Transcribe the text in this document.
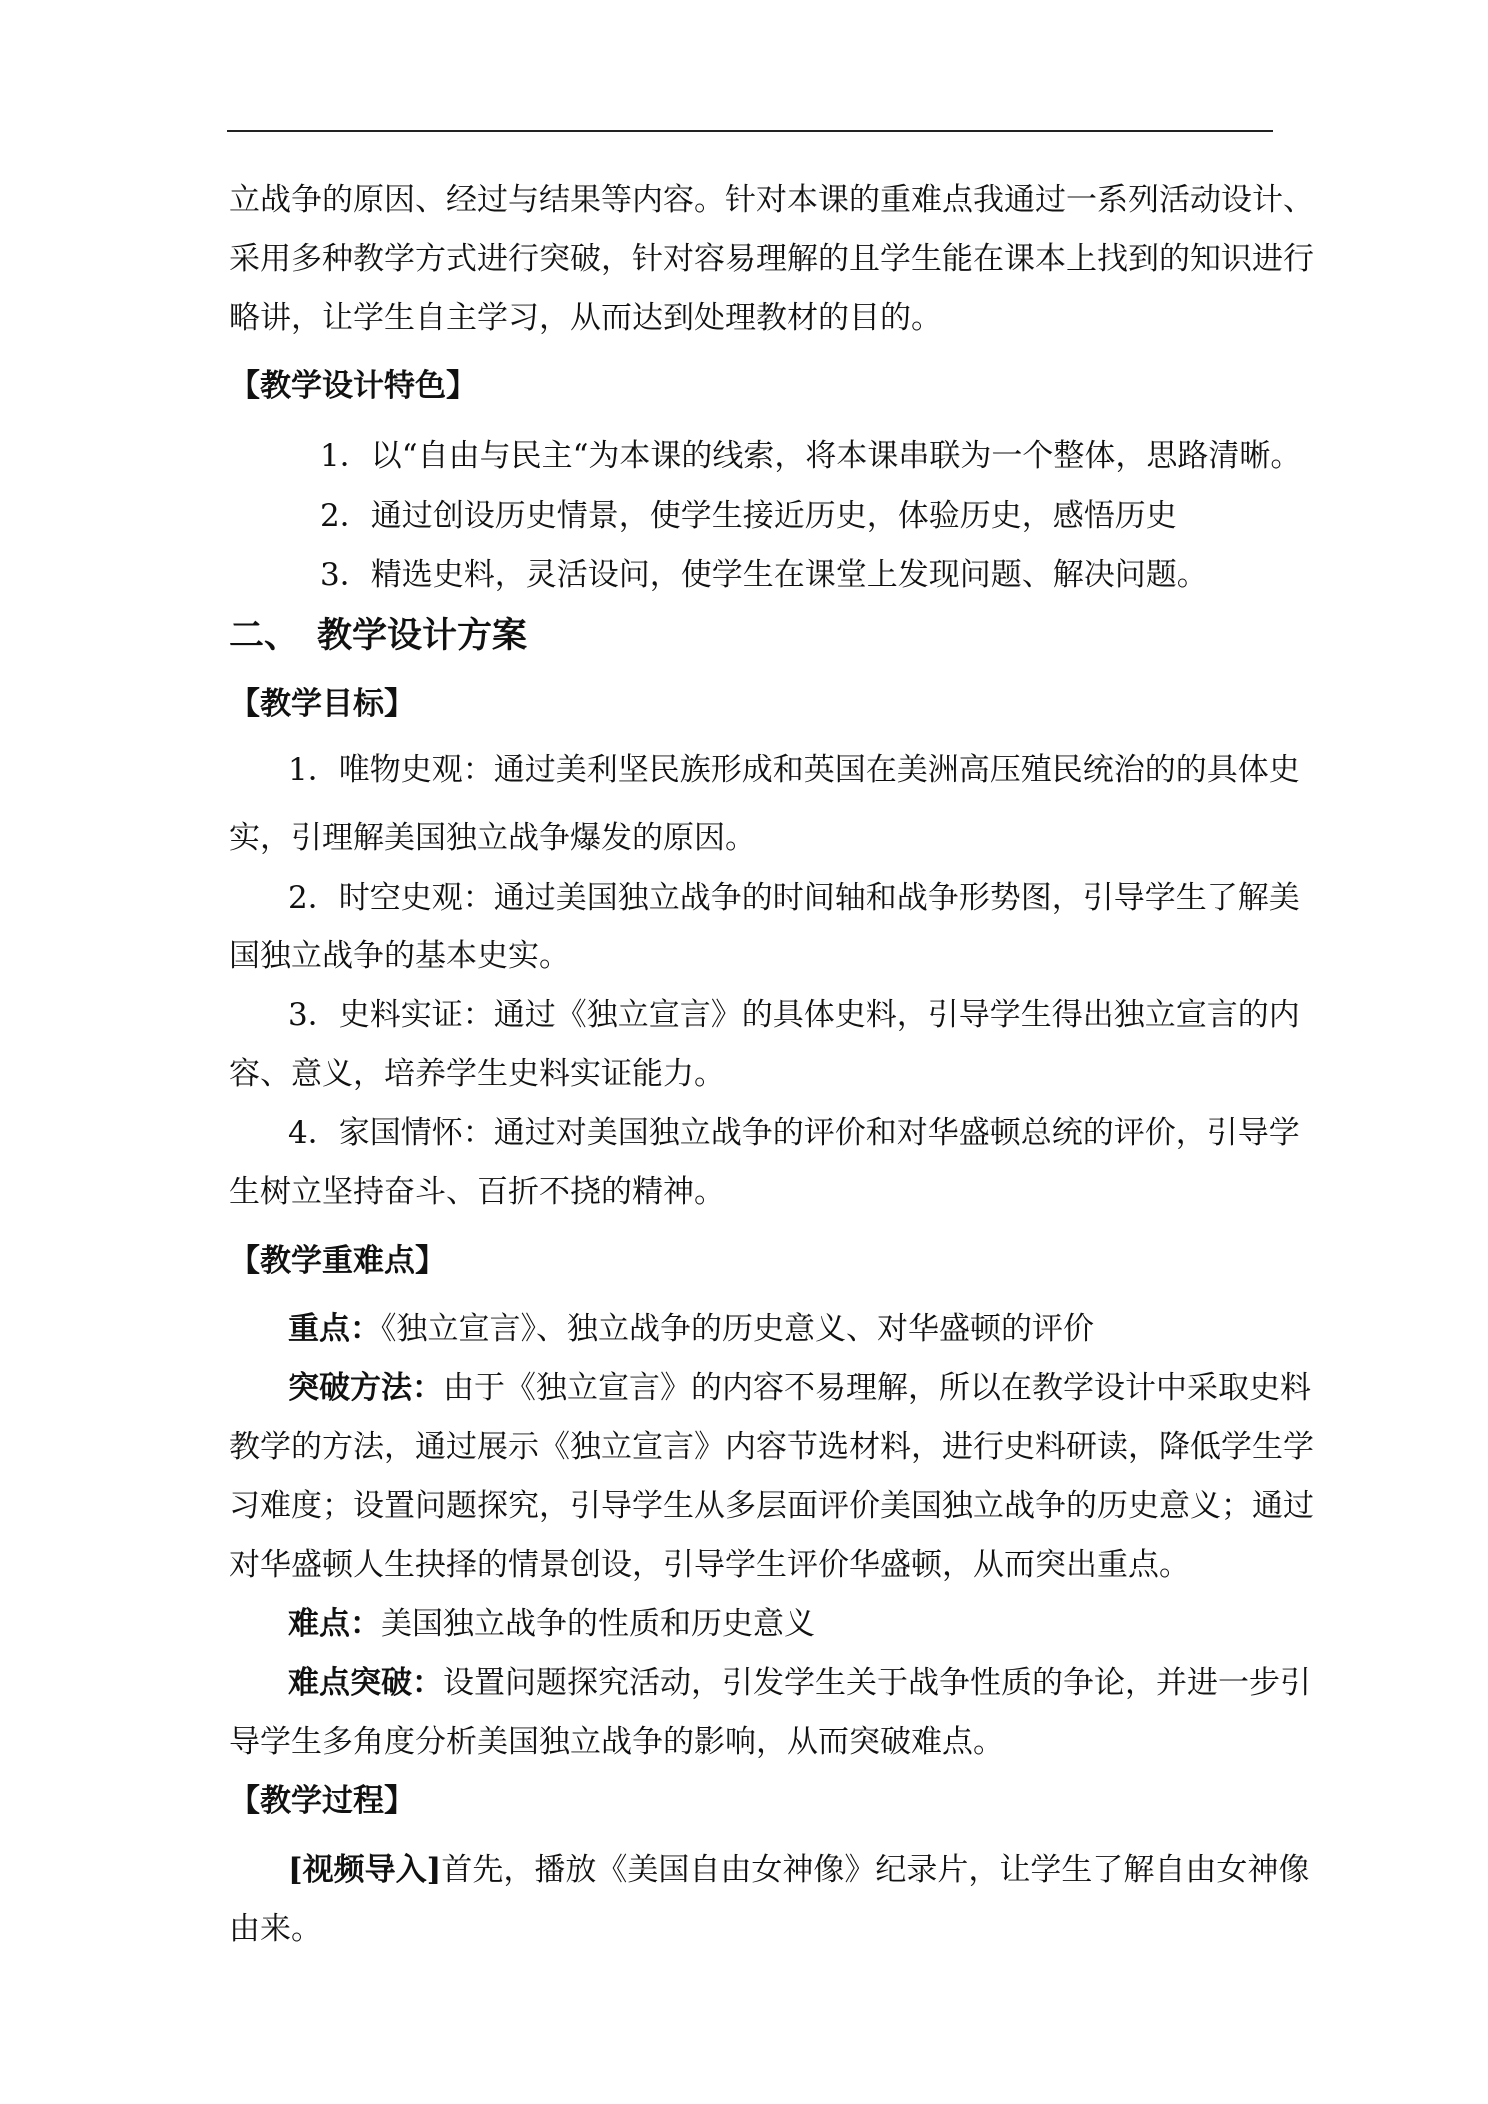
立战争的原因、经过与结果等内容。针对本课的重难点我通过一系列活动设计、
采用多种教学方式进行突破，针对容易理解的且学生能在课本上找到的知识进行
略讲，让学生自主学习，从而达到处理教材的目的。
【教学设计特色】
1．以“自由与民主“为本课的线索，将本课串联为一个整体，思路清晰。
2．通过创设历史情景，使学生接近历史，体验历史，感悟历史
3．精选史料，灵活设问，使学生在课堂上发现问题、解决问题。
二、 教学设计方案
【教学目标】
1．唯物史观：通过美利坚民族形成和英国在美洲高压殖民统治的的具体史
实，引理解美国独立战争爆发的原因。
2．时空史观：通过美国独立战争的时间轴和战争形势图，引导学生了解美
国独立战争的基本史实。
3．史料实证：通过《独立宣言》的具体史料，引导学生得出独立宣言的内
容、意义，培养学生史料实证能力。
4．家国情怀：通过对美国独立战争的评价和对华盛顿总统的评价，引导学
生树立坚持奋斗、百折不挠的精神。
【教学重难点】
重点：《独立宣言》、独立战争的历史意义、对华盛顿的评价
突破方法：由于《独立宣言》的内容不易理解，所以在教学设计中采取史料
教学的方法，通过展示《独立宣言》内容节选材料，进行史料研读，降低学生学
习难度；设置问题探究，引导学生从多层面评价美国独立战争的历史意义；通过
对华盛顿人生抉择的情景创设，引导学生评价华盛顿，从而突出重点。
难点：美国独立战争的性质和历史意义
难点突破：设置问题探究活动，引发学生关于战争性质的争论，并进一步引
导学生多角度分析美国独立战争的影响，从而突破难点。
【教学过程】
[视频导入]首先，播放《美国自由女神像》纪录片，让学生了解自由女神像
由来。
